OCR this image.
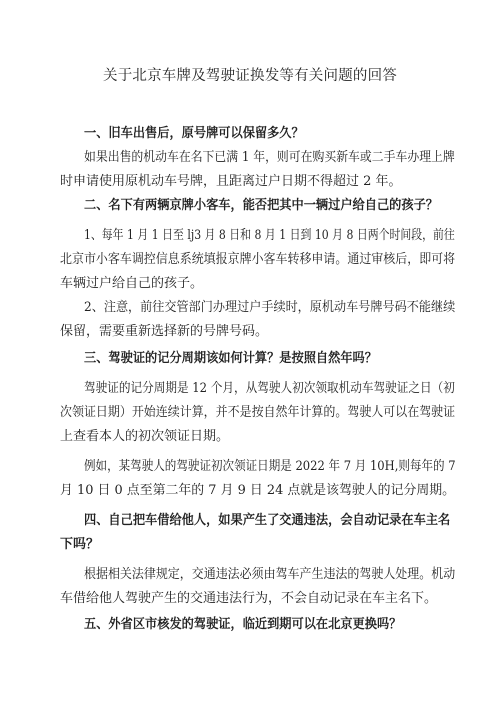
关于北京车牌及驾驶证换发等有关问题的回答
一、旧车出售后，原号牌可以保留多久？
如果出售的机动车在名下已满 1 年，则可在购买新车或二手车办理上牌
时申请使用原机动车号牌，且距离过户日期不得超过 2 年。
二、名下有两辆京牌小客车，能否把其中一辆过户给自己的孩子？
1、每年 1 月 1 日至 lj3 月 8 日和 8 月 1 日到 10 月 8 日两个时间段，前往
北京市小客车调控信息系统填报京牌小客车转移申请。通过审核后，即可将
车辆过户给自己的孩子。
2、注意，前往交管部门办理过户手续时，原机动车号牌号码不能继续
保留，需要重新选择新的号牌号码。
三、驾驶证的记分周期该如何计算？是按照自然年吗？
驾驶证的记分周期是 12 个月，从驾驶人初次领取机动车驾驶证之日（初
次领证日期）开始连续计算，并不是按自然年计算的。驾驶人可以在驾驶证
上查看本人的初次领证日期。
例如，某驾驶人的驾驶证初次领证日期是 2022 年 7 月 10H,则每年的 7
月 10 日 0 点至第二年的 7 月 9 日 24 点就是该驾驶人的记分周期。
四、自己把车借给他人，如果产生了交通违法，会自动记录在车主名
下吗？
根据相关法律规定，交通违法必须由驾车产生违法的驾驶人处理。机动
车借给他人驾驶产生的交通违法行为，不会自动记录在车主名下。
五、外省区市核发的驾驶证，临近到期可以在北京更换吗？
